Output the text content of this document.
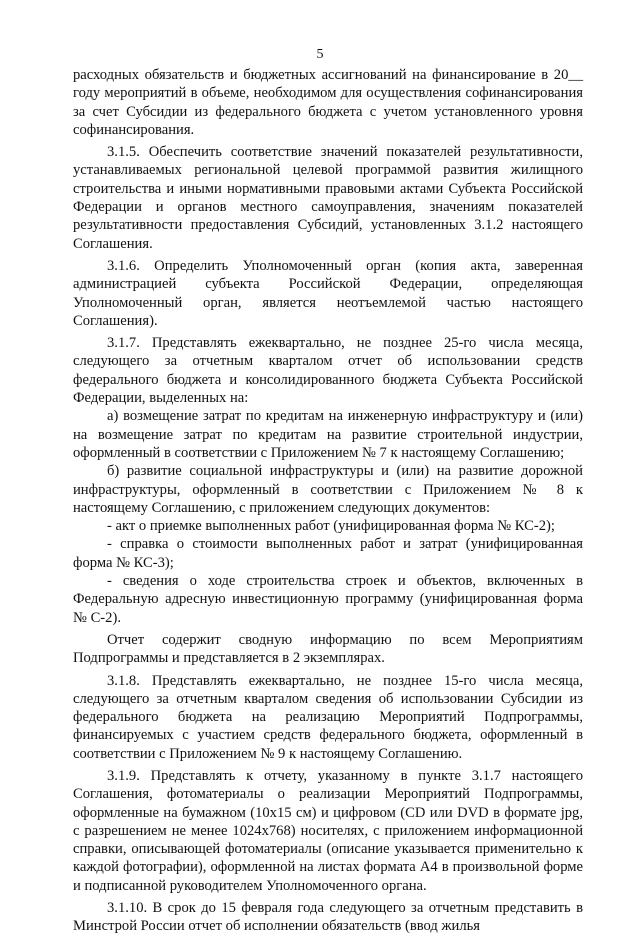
5

расходных обязательств и бюджетных ассигнований на финансирование в 20__ году мероприятий в объеме, необходимом для осуществления софинансирования за счет Субсидии из федерального бюджета с учетом установленного уровня софинансирования.

3.1.5. Обеспечить соответствие значений показателей результативности, устанавливаемых региональной целевой программой развития жилищного строительства и иными нормативными правовыми актами Субъекта Российской Федерации и органов местного самоуправления, значениям показателей результативности предоставления Субсидий, установленных 3.1.2 настоящего Соглашения.

3.1.6. Определить Уполномоченный орган (копия акта, заверенная администрацией субъекта Российской Федерации, определяющая Уполномоченный орган, является неотъемлемой частью настоящего Соглашения).

3.1.7. Представлять ежеквартально, не позднее 25-го числа месяца, следующего за отчетным кварталом отчет об использовании средств федерального бюджета и консолидированного бюджета Субъекта Российской Федерации, выделенных на:

а) возмещение затрат по кредитам на инженерную инфраструктуру и (или) на возмещение затрат по кредитам на развитие строительной индустрии, оформленный в соответствии с Приложением № 7 к настоящему Соглашению;

б) развитие социальной инфраструктуры и (или) на развитие дорожной инфраструктуры, оформленный в соответствии с Приложением № 8 к настоящему Соглашению, с приложением следующих документов:

- акт о приемке выполненных работ (унифицированная форма № КС-2);

- справка о стоимости выполненных работ и затрат (унифицированная форма № КС-3);

- сведения о ходе строительства строек и объектов, включенных в Федеральную адресную инвестиционную программу (унифицированная форма № С-2).

Отчет содержит сводную информацию по всем Мероприятиям Подпрограммы и представляется в 2 экземплярах.

3.1.8. Представлять ежеквартально, не позднее 15-го числа месяца, следующего за отчетным кварталом сведения об использовании Субсидии из федерального бюджета на реализацию Мероприятий Подпрограммы, финансируемых с участием средств федерального бюджета, оформленный в соответствии с Приложением № 9 к настоящему Соглашению.

3.1.9. Представлять к отчету, указанному в пункте 3.1.7 настоящего Соглашения, фотоматериалы о реализации Мероприятий Подпрограммы, оформленные на бумажном (10x15 см) и цифровом (CD или DVD в формате jpg, с разрешением не менее 1024x768) носителях, с приложением информационной справки, описывающей фотоматериалы (описание указывается применительно к каждой фотографии), оформленной на листах формата А4 в произвольной форме и подписанной руководителем Уполномоченного органа.

3.1.10. В срок до 15 февраля года следующего за отчетным представить в Минстрой России отчет об исполнении обязательств (ввод жилья
